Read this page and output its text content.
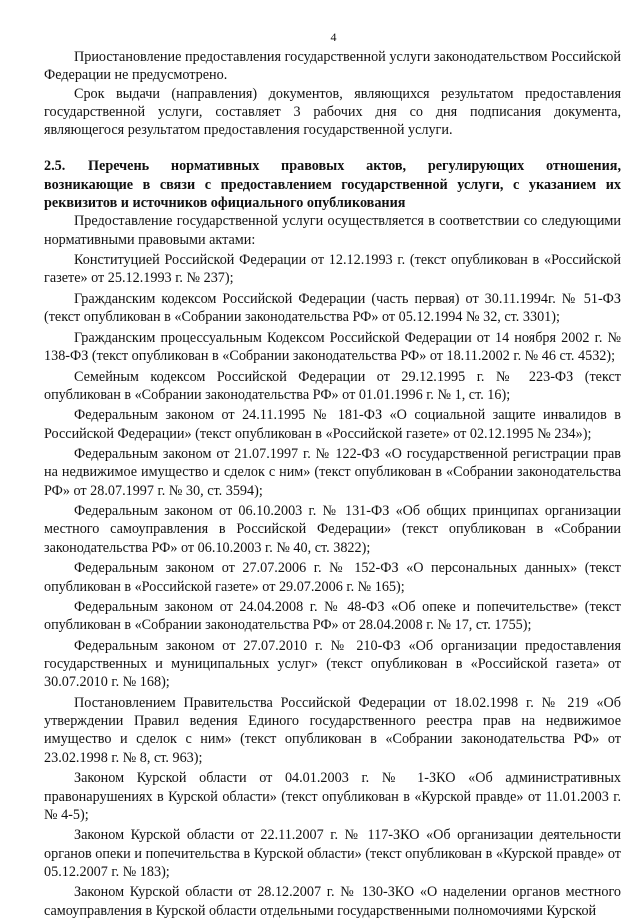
4

Приостановление предоставления государственной услуги законодательством Российской Федерации не предусмотрено.

Срок выдачи (направления) документов, являющихся результатом предоставления государственной услуги, составляет 3 рабочих дня со дня подписания документа, являющегося результатом предоставления государственной услуги.

2.5. Перечень нормативных правовых актов, регулирующих отношения, возникающие в связи с предоставлением государственной услуги, с указанием их реквизитов и источников официального опубликования

Предоставление государственной услуги осуществляется в соответствии со следующими нормативными правовыми актами:

Конституцией Российской Федерации от 12.12.1993 г. (текст опубликован в «Российской газете» от 25.12.1993 г. № 237);

Гражданским кодексом Российской Федерации (часть первая) от 30.11.1994г. № 51-ФЗ (текст опубликован в «Собрании законодательства РФ» от 05.12.1994 № 32, ст. 3301);

Гражданским процессуальным Кодексом Российской Федерации от 14 ноября 2002 г. № 138-ФЗ (текст опубликован в «Собрании законодательства РФ» от 18.11.2002 г. № 46 ст. 4532);

Семейным кодексом Российской Федерации от 29.12.1995 г. № 223-ФЗ (текст опубликован в «Собрании законодательства РФ» от 01.01.1996 г. № 1, ст. 16);

Федеральным законом от 24.11.1995 № 181-ФЗ «О социальной защите инвалидов в Российской Федерации» (текст опубликован в «Российской газете» от 02.12.1995 № 234»);

Федеральным законом от 21.07.1997 г. № 122-ФЗ «О государственной регистрации прав на недвижимое имущество и сделок с ним» (текст опубликован в «Собрании законодательства РФ» от 28.07.1997 г. № 30, ст. 3594);

Федеральным законом от 06.10.2003 г. № 131-ФЗ «Об общих принципах организации местного самоуправления в Российской Федерации» (текст опубликован в «Собрании законодательства РФ» от 06.10.2003 г. № 40, ст. 3822);

Федеральным законом от 27.07.2006 г. № 152-ФЗ «О персональных данных» (текст опубликован в «Российской газете» от 29.07.2006 г. № 165);

Федеральным законом от 24.04.2008 г. № 48-ФЗ «Об опеке и попечительстве» (текст опубликован в «Собрании законодательства РФ» от 28.04.2008 г. № 17, ст. 1755);

Федеральным законом от 27.07.2010 г. № 210-ФЗ «Об организации предоставления государственных и муниципальных услуг» (текст опубликован в «Российской газета» от 30.07.2010 г. № 168);

Постановлением Правительства Российской Федерации от 18.02.1998 г. № 219 «Об утверждении Правил ведения Единого государственного реестра прав на недвижимое имущество и сделок с ним» (текст опубликован в «Собрании законодательства РФ» от 23.02.1998 г. № 8, ст. 963);

Законом Курской области от 04.01.2003 г. № 1-ЗКО «Об административных правонарушениях в Курской области» (текст опубликован в «Курской правде» от 11.01.2003 г. № 4-5);

Законом Курской области от 22.11.2007 г. № 117-ЗКО «Об организации деятельности органов опеки и попечительства в Курской области» (текст опубликован в «Курской правде» от 05.12.2007 г. № 183);

Законом Курской области от 28.12.2007 г. № 130-ЗКО «О наделении органов местного самоуправления в Курской области отдельными государственными полномочиями Курской
